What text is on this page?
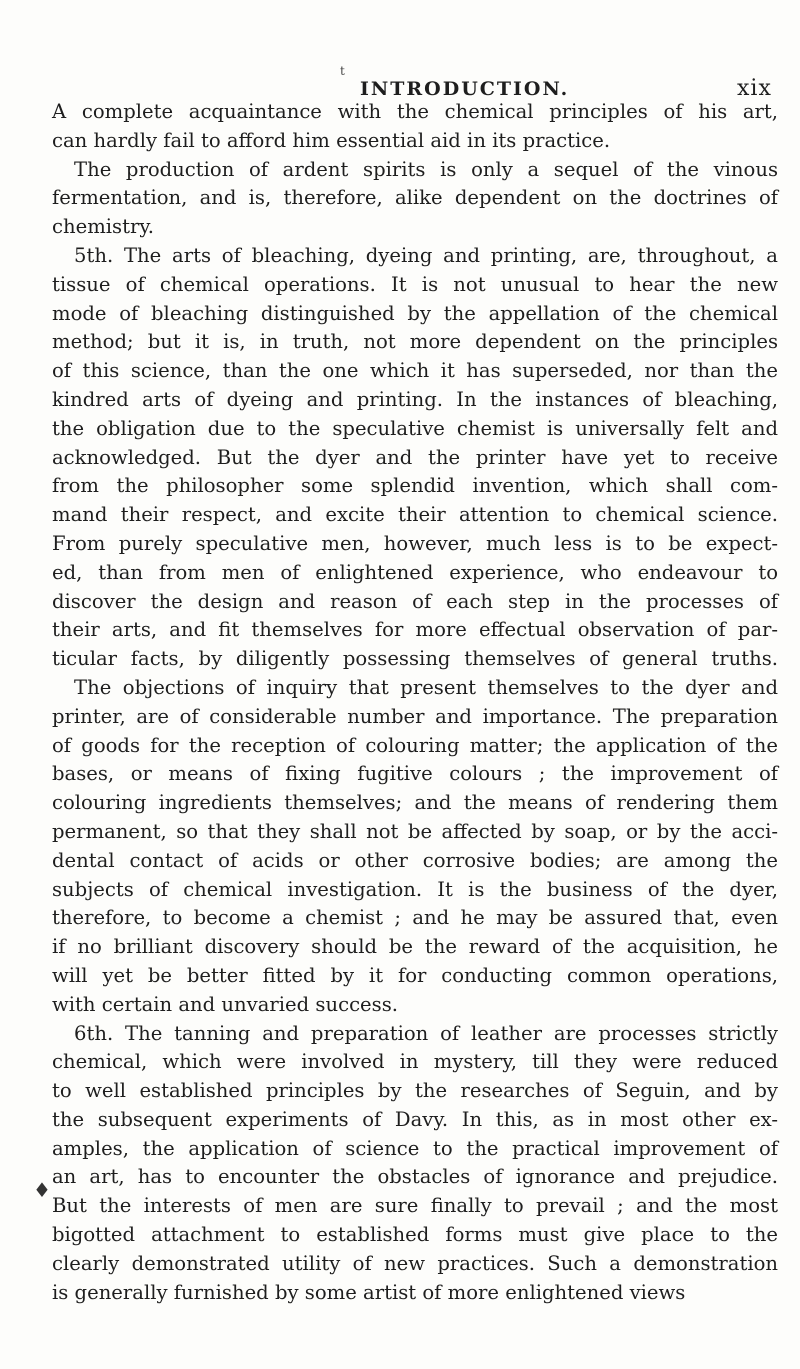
t
INTRODUCTION.	xix
♦
A complete acquaintance with the chemical principles of his art,
can hardly fail to afford him essential aid in its practice.
The production of ardent spirits is only a sequel of the vinous
fermentation, and is, therefore, alike dependent on the doctrines of
chemistry.
5th. The arts of bleaching, dyeing and printing, are, throughout, a
tissue of chemical operations. It is not unusual to hear the new
mode of bleaching distinguished by the appellation of the chemical
method; but it is, in truth, not more dependent on the principles
of this science, than the one which it has superseded, nor than the
kindred arts of dyeing and printing. In the instances of bleaching,
the obligation due to the speculative chemist is universally felt and
acknowledged. But the dyer and the printer have yet to receive
from the philosopher some splendid invention, which shall com-
mand their respect, and excite their attention to chemical science.
From purely speculative men, however, much less is to be expect-
ed, than from men of enlightened experience, who endeavour to
discover the design and reason of each step in the processes of
their arts, and fit themselves for more effectual observation of par-
ticular facts, by diligently possessing themselves of general truths.
The objections of inquiry that present themselves to the dyer and
printer, are of considerable number and importance. The preparation
of goods for the reception of colouring matter; the application of the
bases, or means of fixing fugitive colours ; the improvement of
colouring ingredients themselves; and the means of rendering them
permanent, so that they shall not be affected by soap, or by the acci-
dental contact of acids or other corrosive bodies; are among the
subjects of chemical investigation. It is the business of the dyer,
therefore, to become a chemist ; and he may be assured that, even
if no brilliant discovery should be the reward of the acquisition, he
will yet be better fitted by it for conducting common operations,
with certain and unvaried success.
6th. The tanning and preparation of leather are processes strictly
chemical, which were involved in mystery, till they were reduced
to well established principles by the researches of Seguin, and by
the subsequent experiments of Davy. In this, as in most other ex-
amples, the application of science to the practical improvement of
an art, has to encounter the obstacles of ignorance and prejudice.
But the interests of men are sure finally to prevail ; and the most
bigotted attachment to established forms must give place to the
clearly demonstrated utility of new practices. Such a demonstration
is generally furnished by some artist of more enlightened views
